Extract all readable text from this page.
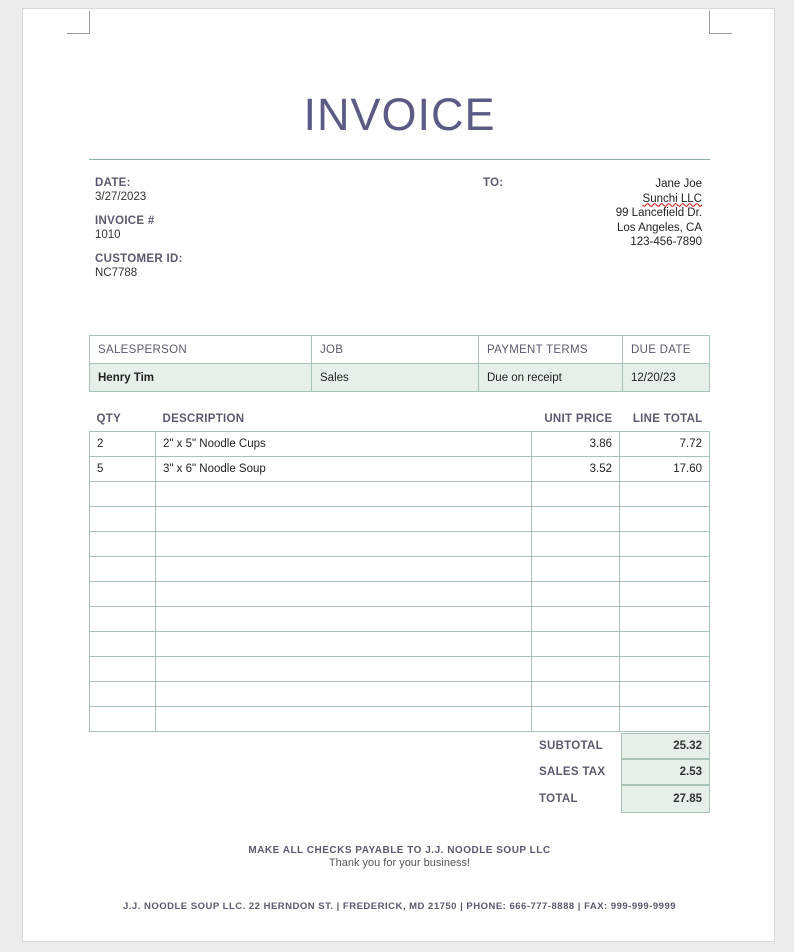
INVOICE
DATE:
3/27/2023
INVOICE #
1010
CUSTOMER ID:
NC7788
TO:	Jane Joe
Sunchi LLC
99 Lancefield Dr.
Los Angeles, CA
123-456-7890
SALESPERSON	JOB	PAYMENT TERMS	DUE DATE
Henry Tim	Sales	Due on receipt	12/20/23
QTY	DESCRIPTION	UNIT PRICE	LINE TOTAL
2	2" x 5" Noodle Cups	3.86	7.72
5	3" x 6" Noodle Soup	3.52	17.60

SUBTOTAL	25.32
SALES TAX	2.53
TOTAL	27.85
MAKE ALL CHECKS PAYABLE TO J.J. NOODLE SOUP LLC
Thank you for your business!
J.J. NOODLE SOUP LLC. 22 HERNDON ST. | FREDERICK, MD 21750 | PHONE: 666-777-8888 | FAX: 999-999-9999
